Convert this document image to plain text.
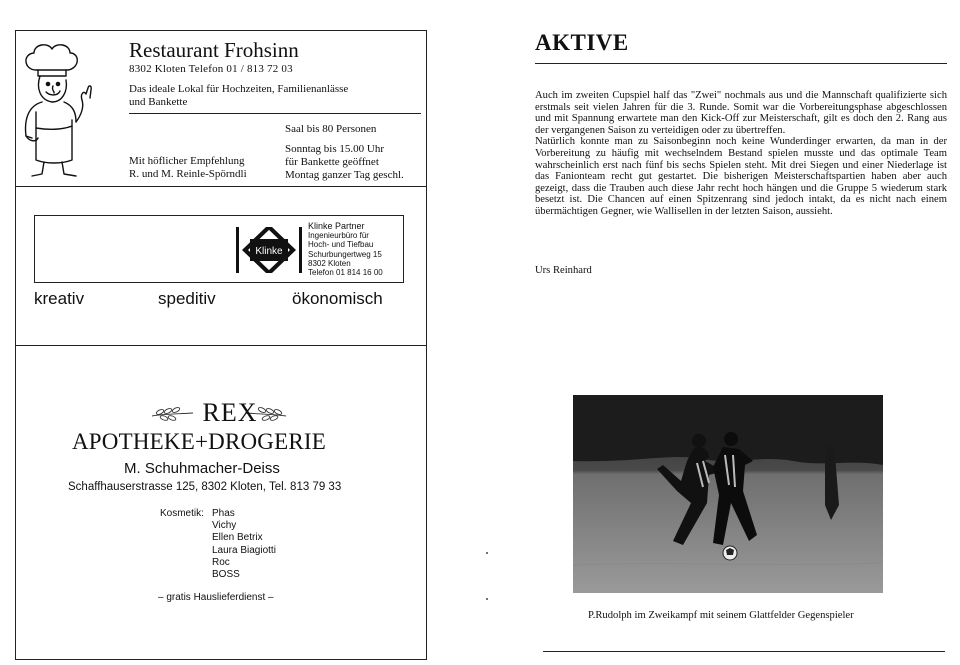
Restaurant Frohsinn
8302 Kloten Telefon 01 / 813 72 03
Das ideale Lokal für Hochzeiten, Familienanlässe
und Bankette
Saal bis 80 Personen
Sonntag bis 15.00 Uhr
für Bankette geöffnet
Montag ganzer Tag geschl.
Mit höflicher Empfehlung
R. und M. Reinle-Spörndli
Klinke
Klinke Partner
Ingenieurbüro für
Hoch- und Tiefbau
Schurbungertweg 15
8302 Kloten
Telefon 01 814 16 00
kreativ	speditiv	ökonomisch
REX
APOTHEKE+DROGERIE
M. Schuhmacher-Deiss
Schaffhauserstrasse 125, 8302 Kloten, Tel. 813 79 33
Kosmetik: Phas
Vichy
Ellen Betrix
Laura Biagiotti
Roc
BOSS
– gratis Hauslieferdienst –
AKTIVE

Auch im zweiten Cupspiel half das "Zwei" nochmals aus und die Mannschaft qualifizierte sich erstmals seit vielen Jahren für die 3. Runde. Somit war die Vorbereitungsphase abgeschlossen und mit Spannung erwartete man den Kick-Off zur Meisterschaft, gilt es doch den 2. Rang aus der vergangenen Saison zu verteidigen oder zu übertreffen.

Natürlich konnte man zu Saisonbeginn noch keine Wunderdinger erwarten, da man in der Vorbereitung zu häufig mit wechselndem Bestand spielen musste und das optimale Team wahrscheinlich erst nach fünf bis sechs Spielen steht. Mit drei Siegen und einer Niederlage ist das Fanionteam recht gut gestartet. Die bisherigen Meisterschaftspartien haben aber auch gezeigt, dass die Trauben auch diese Jahr recht hoch hängen und die Gruppe 5 wiederum stark besetzt ist. Die Chancen auf einen Spitzenrang sind jedoch intakt, da es nicht nach einem übermächtigen Gegner, wie Wallisellen in der letzten Saison, aussieht.

Urs Reinhard
P.Rudolph im Zweikampf mit seinem Glattfelder Gegenspieler
